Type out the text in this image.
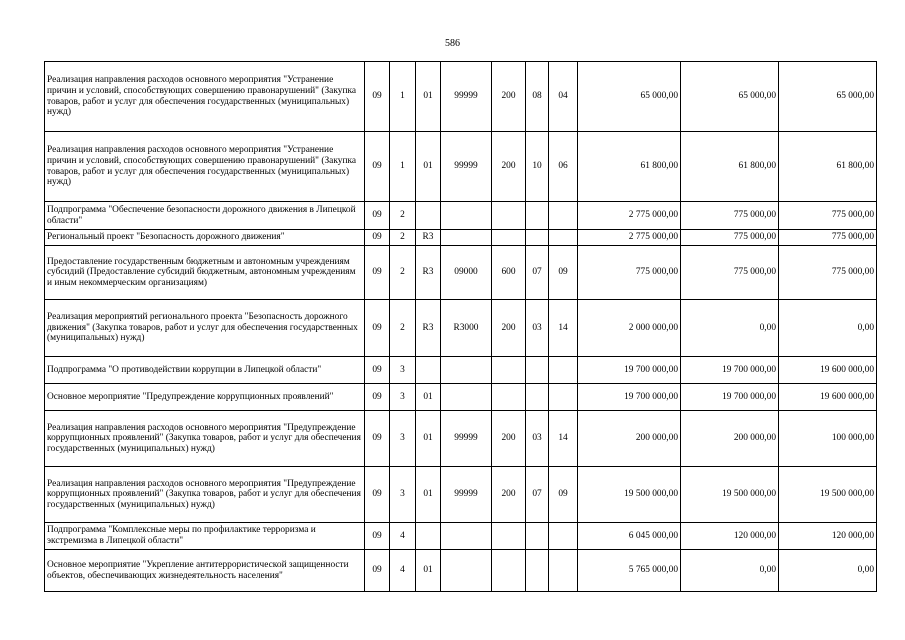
586
Реализация направления расходов основного мероприятия "Устранение причин и условий, способствующих совершению правонарушений" (Закупка товаров, работ и услуг для обеспечения государственных (муниципальных) нужд)	09	1	01	99999	200	08	04	65 000,00	65 000,00	65 000,00
Реализация направления расходов основного мероприятия "Устранение причин и условий, способствующих совершению правонарушений" (Закупка товаров, работ и услуг для обеспечения государственных (муниципальных) нужд)	09	1	01	99999	200	10	06	61 800,00	61 800,00	61 800,00
Подпрограмма "Обеспечение безопасности дорожного движения в Липецкой области"	09	2						2 775 000,00	775 000,00	775 000,00
Региональный проект "Безопасность дорожного движения"	09	2	R3					2 775 000,00	775 000,00	775 000,00
Предоставление государственным бюджетным и автономным учреждениям субсидий (Предоставление субсидий бюджетным, автономным учреждениям и иным некоммерческим организациям)	09	2	R3	09000	600	07	09	775 000,00	775 000,00	775 000,00
Реализация мероприятий регионального проекта "Безопасность дорожного движения" (Закупка товаров, работ и услуг для обеспечения государственных (муниципальных) нужд)	09	2	R3	R3000	200	03	14	2 000 000,00	0,00	0,00
Подпрограмма "О противодействии коррупции в Липецкой области"	09	3						19 700 000,00	19 700 000,00	19 600 000,00
Основное мероприятие "Предупреждение коррупционных проявлений"	09	3	01					19 700 000,00	19 700 000,00	19 600 000,00
Реализация направления расходов основного мероприятия "Предупреждение коррупционных проявлений" (Закупка товаров, работ и услуг для обеспечения государственных (муниципальных) нужд)	09	3	01	99999	200	03	14	200 000,00	200 000,00	100 000,00
Реализация направления расходов основного мероприятия "Предупреждение коррупционных проявлений" (Закупка товаров, работ и услуг для обеспечения государственных (муниципальных) нужд)	09	3	01	99999	200	07	09	19 500 000,00	19 500 000,00	19 500 000,00
Подпрограмма "Комплексные меры по профилактике терроризма и экстремизма в Липецкой области"	09	4						6 045 000,00	120 000,00	120 000,00
Основное мероприятие "Укрепление антитеррористической защищенности объектов, обеспечивающих жизнедеятельность населения"	09	4	01					5 765 000,00	0,00	0,00
